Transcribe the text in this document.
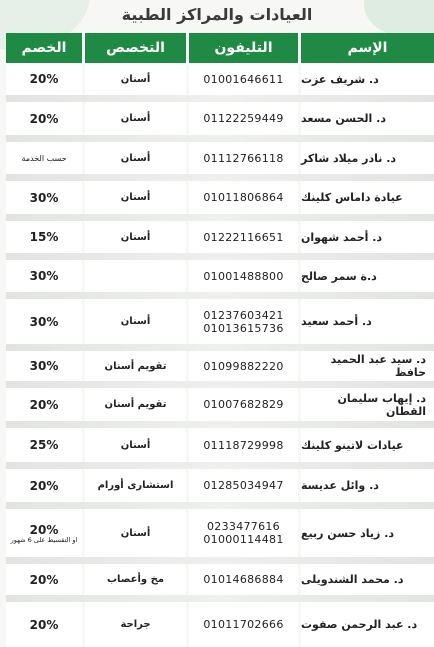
العيادات والمراكز الطبية
الإسم
التليفون
التخصص
الخصم
د. شريف عزت
01001646611
أسنان
20%
د. الحسن مسعد
01122259449
أسنان
20%
د. نادر ميلاد شاكر
01112766118
أسنان
حسب الخدمة
عيادة داماس كلينك
01011806864
أسنان
30%
د. أحمد شهوان
01222116651
أسنان
15%
د.ة سمر صالح
01001488800
30%
د. أحمد سعيد
01237603421
01013615736
أسنان
30%
د. سيد عبد الحميد حافظ
01099882220
تقويم أسنان
30%
د. إيهاب سليمان القطان
01007682829
تقويم أسنان
20%
عيادات لاتينو كلينك
01118729998
أسنان
25%
د. وائل عديسة
01285034947
استشارى أورام
20%
د. زياد حسن ربيع
0233477616
01000114481
أسنان
20%
او التقسيط على 6 شهور
د. محمد الشندويلى
01014686884
مخ وأعصاب
20%
د. عبد الرحمن صفوت
01011702666
جراحة
20%
